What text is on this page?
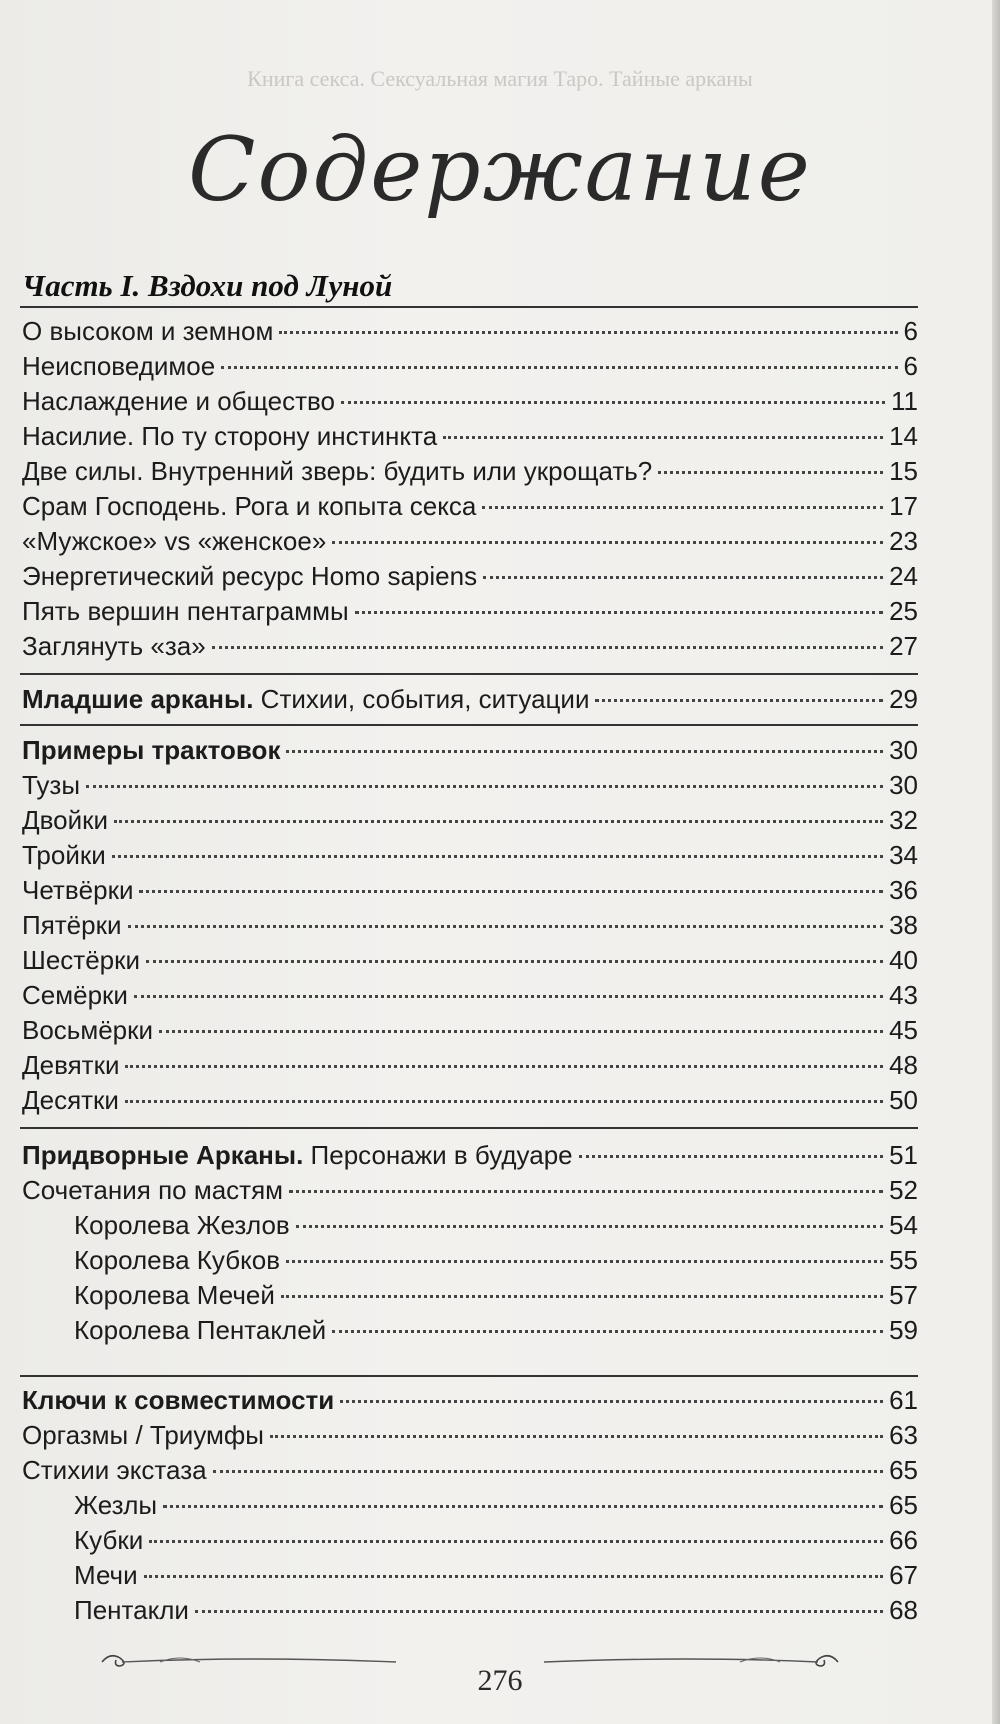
Книга секса. Сексуальная магия Таро. Тайные арканы
Содержание
Часть I. Вздохи под Луной
О высоком и земном	6
Неисповедимое	6
Наслаждение и общество	11
Насилие. По ту сторону инстинкта	14
Две силы. Внутренний зверь: будить или укрощать?	15
Срам Господень. Рога и копыта секса	17
«Мужское» vs «женское»	23
Энергетический ресурс Homo sapiens	24
Пять вершин пентаграммы	25
Заглянуть «за»	27
Младшие арканы. Стихии, события, ситуации	29
Примеры трактовок	30
Тузы	30
Двойки	32
Тройки	34
Четвёрки	36
Пятёрки	38
Шестёрки	40
Семёрки	43
Восьмёрки	45
Девятки	48
Десятки	50
Придворные Арканы. Персонажи в будуаре	51
Сочетания по мастям	52
Королева Жезлов	54
Королева Кубков	55
Королева Мечей	57
Королева Пентаклей	59
Ключи к совместимости	61
Оргазмы / Триумфы	63
Стихии экстаза	65
Жезлы	65
Кубки	66
Мечи	67
Пентакли	68
276
